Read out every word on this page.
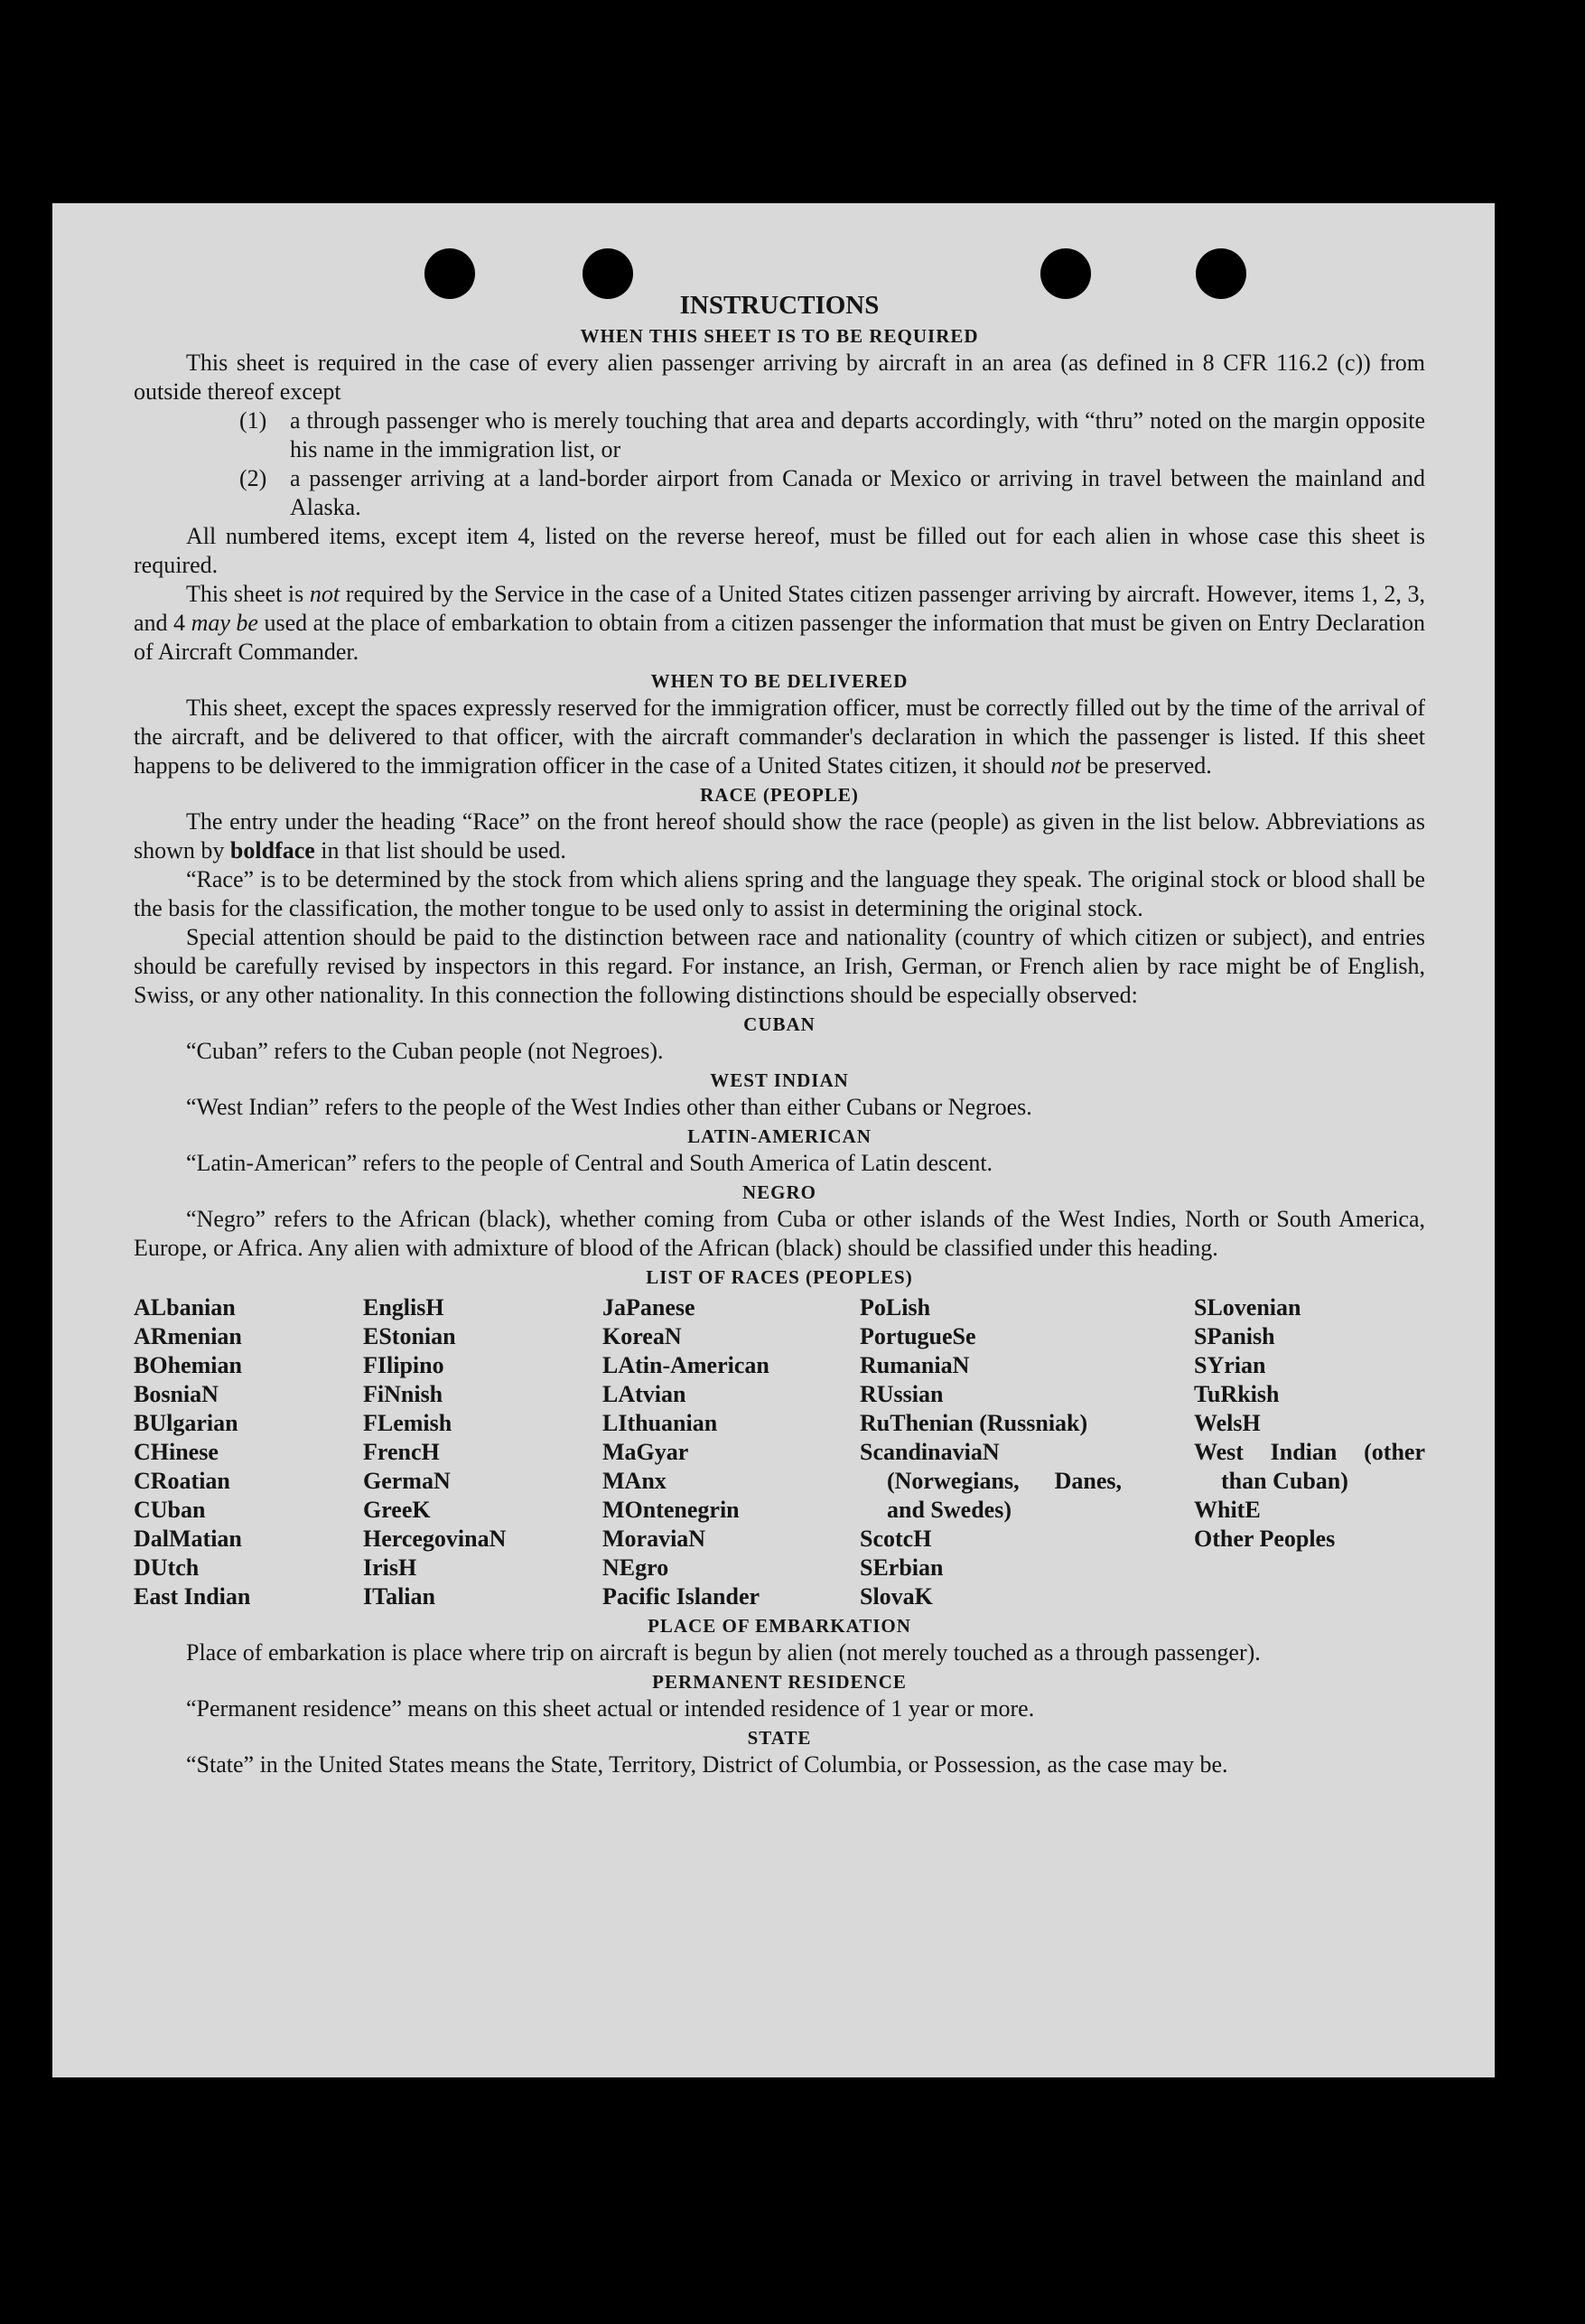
INSTRUCTIONS
WHEN THIS SHEET IS TO BE REQUIRED

This sheet is required in the case of every alien passenger arriving by aircraft in an area (as defined in 8 CFR 116.2 (c)) from outside thereof except

(1) a through passenger who is merely touching that area and departs accordingly, with “thru” noted on the margin opposite his name in the immigration list, or
(2) a passenger arriving at a land-border airport from Canada or Mexico or arriving in travel between the mainland and Alaska.

All numbered items, except item 4, listed on the reverse hereof, must be filled out for each alien in whose case this sheet is required.

This sheet is not required by the Service in the case of a United States citizen passenger arriving by aircraft. However, items 1, 2, 3, and 4 may be used at the place of embarkation to obtain from a citizen passenger the information that must be given on Entry Declaration of Aircraft Commander.

WHEN TO BE DELIVERED

This sheet, except the spaces expressly reserved for the immigration officer, must be correctly filled out by the time of the arrival of the aircraft, and be delivered to that officer, with the aircraft commander's declaration in which the passenger is listed. If this sheet happens to be delivered to the immigration officer in the case of a United States citizen, it should not be preserved.

RACE (PEOPLE)

The entry under the heading “Race” on the front hereof should show the race (people) as given in the list below. Abbreviations as shown by boldface in that list should be used.

“Race” is to be determined by the stock from which aliens spring and the language they speak. The original stock or blood shall be the basis for the classification, the mother tongue to be used only to assist in determining the original stock.

Special attention should be paid to the distinction between race and nationality (country of which citizen or subject), and entries should be carefully revised by inspectors in this regard. For instance, an Irish, German, or French alien by race might be of English, Swiss, or any other nationality. In this connection the following distinctions should be especially observed:

CUBAN

“Cuban” refers to the Cuban people (not Negroes).

WEST INDIAN

“West Indian” refers to the people of the West Indies other than either Cubans or Negroes.

LATIN-AMERICAN

“Latin-American” refers to the people of Central and South America of Latin descent.

NEGRO

“Negro” refers to the African (black), whether coming from Cuba or other islands of the West Indies, North or South America, Europe, or Africa. Any alien with admixture of blood of the African (black) should be classified under this heading.

LIST OF RACES (PEOPLES)
ALbanian
ARmenian
BOhemian
BosniaN
BUlgarian
CHinese
CRoatian
CUban
DalMatian
DUtch
East Indian
EnglisH
EStonian
FIlipino
FiNnish
FLemish
FrencH
GermaN
GreeK
HercegovinaN
IrisH
ITalian
JaPanese
KoreaN
LAtin-American
LAtvian
LIthuanian
MaGyar
MAnx
MOntenegrin
MoraviaN
NEgro
Pacific Islander
PoLish
PortugueSe
RumaniaN
RUssian
RuThenian (Russniak)
ScandinaviaN (Norwegians, Danes, and Swedes)
ScotcH
SErbian
SlovaK
SLovenian
SPanish
SYrian
TuRkish
WelsH
West Indian (other than Cuban)
WhitE
Other Peoples
PLACE OF EMBARKATION

Place of embarkation is place where trip on aircraft is begun by alien (not merely touched as a through passenger).

PERMANENT RESIDENCE

“Permanent residence” means on this sheet actual or intended residence of 1 year or more.

STATE

“State” in the United States means the State, Territory, District of Columbia, or Possession, as the case may be.
